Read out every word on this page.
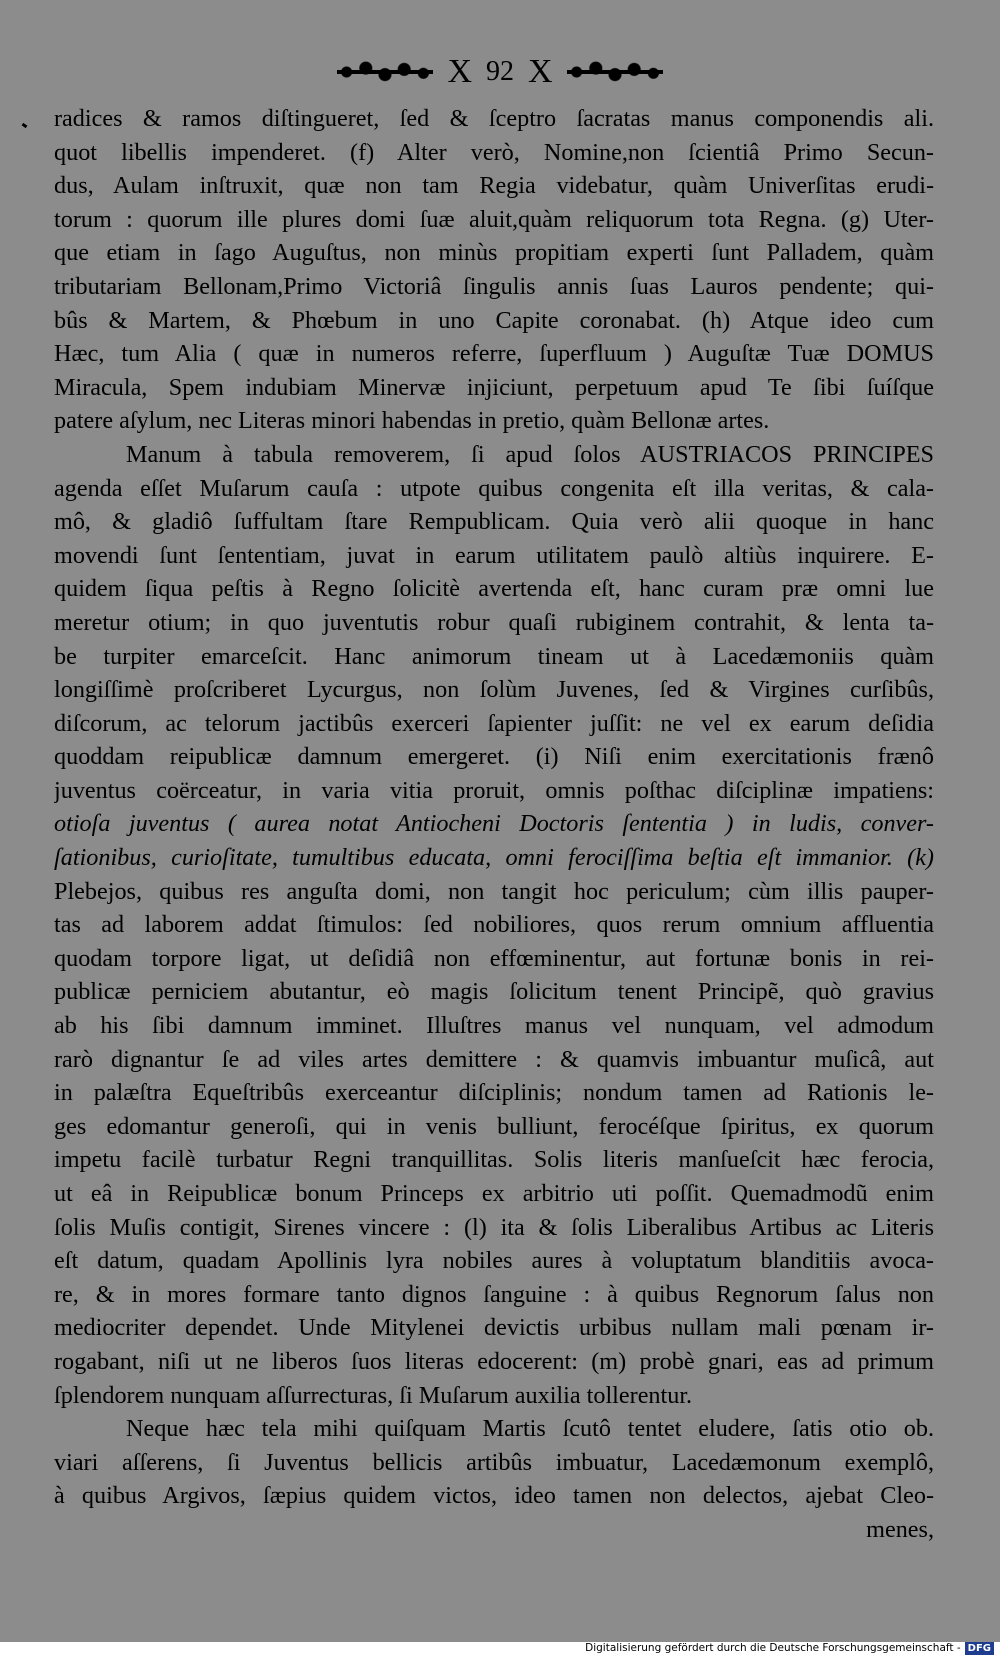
X 92 X
radices & ramos diſtingueret, ſed & ſceptro ſacratas manus componendis ali.
quot libellis impenderet. (f) Alter verò, Nomine,non ſcientiâ Primo Secun-
dus, Aulam inſtruxit, quæ non tam Regia videbatur, quàm Univerſitas erudi-
torum : quorum ille plures domi ſuæ aluit,quàm reliquorum tota Regna. (g) Uter-
que etiam in ſago Auguſtus, non minùs propitiam experti ſunt Palladem, quàm
tributariam Bellonam,Primo Victoriâ ſingulis annis ſuas Lauros pendente; qui-
bûs & Martem, & Phœbum in uno Capite coronabat. (h) Atque ideo cum
Hæc, tum Alia ( quæ in numeros referre, ſuperfluum ) Auguſtæ Tuæ DOMUS
Miracula, Spem indubiam Minervæ injiciunt, perpetuum apud Te ſibi ſuíſque
patere aſylum, nec Literas minori habendas in pretio, quàm Bellonæ artes.
Manum à tabula removerem, ſi apud ſolos AUSTRIACOS PRINCIPES
agenda eſſet Muſarum cauſa : utpote quibus congenita eſt illa veritas, & cala-
mô, & gladiô ſuffultam ſtare Rempublicam. Quia verò alii quoque in hanc
movendi ſunt ſententiam, juvat in earum utilitatem paulò altiùs inquirere. E-
quidem ſiqua peſtis à Regno ſolicitè avertenda eſt, hanc curam præ omni lue
meretur otium; in quo juventutis robur quaſi rubiginem contrahit, & lenta ta-
be turpiter emarceſcit. Hanc animorum tineam ut à Lacedæmoniis quàm
longiſſimè proſcriberet Lycurgus, non ſolùm Juvenes, ſed & Virgines curſibûs,
diſcorum, ac telorum jactibûs exerceri ſapienter juſſit: ne vel ex earum deſidia
quoddam reipublicæ damnum emergeret. (i) Niſi enim exercitationis frænô
juventus coërceatur, in varia vitia proruit, omnis poſthac diſciplinæ impatiens:
otioſa juventus ( aurea notat Antiocheni Doctoris ſententia ) in ludis, conver-
ſationibus, curioſitate, tumultibus educata, omni ferociſſima beſtia eſt immanior. (k)
Plebejos, quibus res anguſta domi, non tangit hoc periculum; cùm illis pauper-
tas ad laborem addat ſtimulos: ſed nobiliores, quos rerum omnium affluentia
quodam torpore ligat, ut deſidiâ non effœminentur, aut fortunæ bonis in rei-
publicæ perniciem abutantur, eò magis ſolicitum tenent Principẽ, quò gravius
ab his ſibi damnum imminet. Illuſtres manus vel nunquam, vel admodum
rarò dignantur ſe ad viles artes demittere : & quamvis imbuantur muſicâ, aut
in palæſtra Equeſtribûs exerceantur diſciplinis; nondum tamen ad Rationis le-
ges edomantur generoſi, qui in venis bulliunt, ferocéſque ſpiritus, ex quorum
impetu facilè turbatur Regni tranquillitas. Solis literis manſueſcit hæc ferocia,
ut eâ in Reipublicæ bonum Princeps ex arbitrio uti poſſit. Quemadmodũ enim
ſolis Muſis contigit, Sirenes vincere : (l) ita & ſolis Liberalibus Artibus ac Literis
eſt datum, quadam Apollinis lyra nobiles aures à voluptatum blanditiis avoca-
re, & in mores formare tanto dignos ſanguine : à quibus Regnorum ſalus non
mediocriter dependet. Unde Mitylenei devictis urbibus nullam mali pœnam ir-
rogabant, niſi ut ne liberos ſuos literas edocerent: (m) probè gnari, eas ad primum
ſplendorem nunquam aſſurrecturas, ſi Muſarum auxilia tollerentur.
Neque hæc tela mihi quiſquam Martis ſcutô tentet eludere, ſatis otio ob.
viari aſſerens, ſi Juventus bellicis artibûs imbuatur, Lacedæmonum exemplô,
à quibus Argivos, ſæpius quidem victos, ideo tamen non delectos, ajebat Cleo-
menes,
Digitalisierung gefördert durch die Deutsche Forschungsgemeinschaft - DFG
